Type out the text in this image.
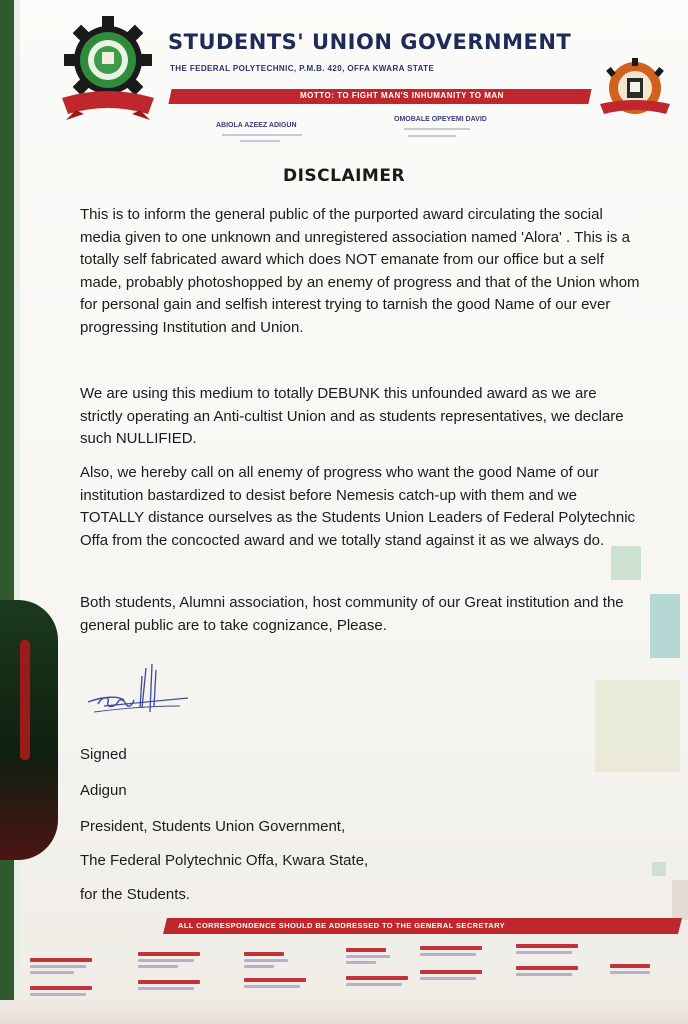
STUDENTS' UNION GOVERNMENT
THE FEDERAL POLYTECHNIC, P.M.B. 420, OFFA KWARA STATE
MOTTO: TO FIGHT MAN'S INHUMANITY TO MAN
ABIOLA AZEEZ ADIGUN
OMOBALE OPEYEMI DAVID
DISCLAIMER
This is to inform the general public of the purported award circulating the social media given to one unknown and unregistered association named 'Alora' . This is a totally self fabricated award which does NOT emanate from our office but a self made, probably photoshopped by an enemy of progress and that of the Union whom for personal gain and selfish interest trying to tarnish the good Name of our ever progressing Institution and Union.
We are using this medium to totally DEBUNK this unfounded award as we are strictly operating an Anti-cultist Union and as students representatives, we declare such NULLIFIED.
Also, we hereby call on all enemy of progress who want the good Name of our institution bastardized to desist before Nemesis catch-up with them and we TOTALLY distance ourselves as the Students Union Leaders of Federal Polytechnic Offa from the concocted award and we totally stand against it as we always do.
Both students, Alumni association, host community of our Great institution and the general public are to take cognizance, Please.
Signed
Adigun
President, Students Union Government,
The Federal Polytechnic Offa, Kwara State,
for the Students.
ALL CORRESPONDENCE SHOULD BE ADDRESSED TO THE GENERAL SECRETARY
